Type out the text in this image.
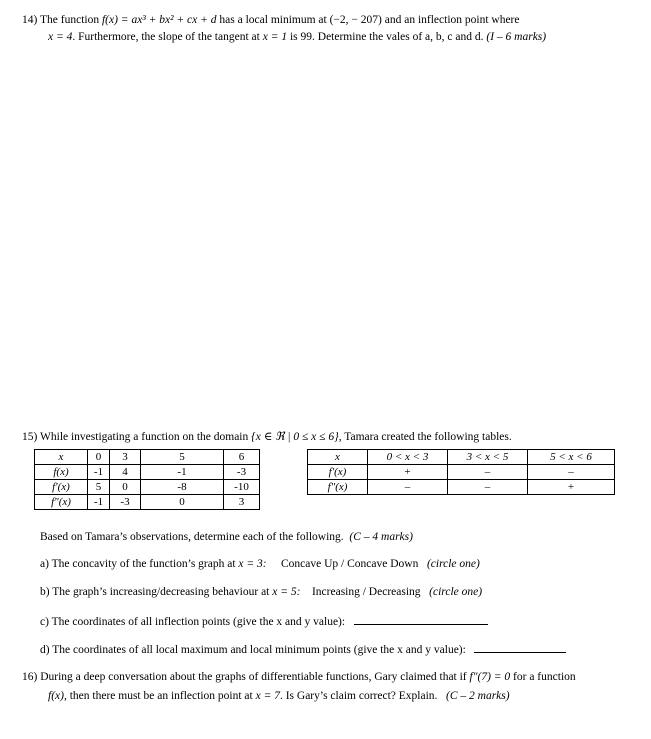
14) The function f(x) = ax³ + bx² + cx + d has a local minimum at (−2, − 207) and an inflection point where
x = 4. Furthermore, the slope of the tangent at x = 1 is 99. Determine the vales of a, b, c and d. (I – 6 marks)
15) While investigating a function on the domain {x ∈ ℜ | 0 ≤ x ≤ 6}, Tamara created the following tables.
x	0	3	5	6
f(x)	-1	4	-1	-3
f′(x)	5	0	-8	-10
f″(x)	-1	-3	0	3
x	0 < x < 3	3 < x < 5	5 < x < 6
f′(x)	+	–	–
f″(x)	–	–	+
Based on Tamara’s observations, determine each of the following. (C – 4 marks)
a) The concavity of the function’s graph at x = 3: Concave Up / Concave Down (circle one)
b) The graph’s increasing/decreasing behaviour at x = 5: Increasing / Decreasing (circle one)
c) The coordinates of all inflection points (give the x and y value):
d) The coordinates of all local maximum and local minimum points (give the x and y value):
16) During a deep conversation about the graphs of differentiable functions, Gary claimed that if f″(7) = 0 for a function
f(x), then there must be an inflection point at x = 7. Is Gary’s claim correct? Explain. (C – 2 marks)
